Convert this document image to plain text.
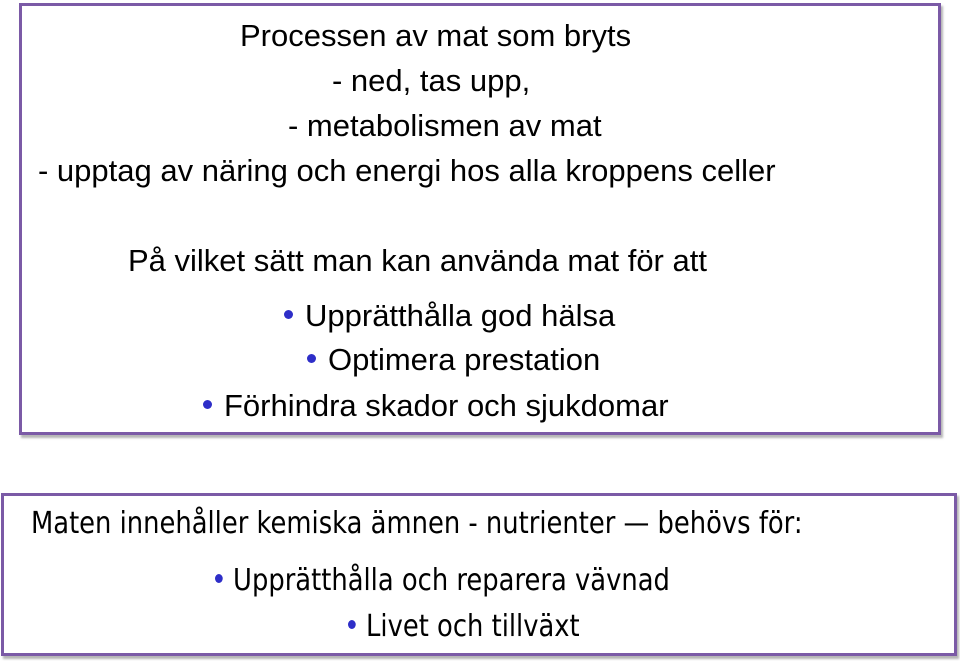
Processen av mat som bryts
- ned, tas upp,
- metabolismen av mat
- upptag av näring och energi hos alla kroppens celler
På vilket sätt man kan använda mat för att
Upprätthålla god hälsa
Optimera prestation
Förhindra skador och sjukdomar
Maten innehåller kemiska ämnen - nutrienter — behövs för:
Upprätthålla och reparera vävnad
Livet och tillväxt
